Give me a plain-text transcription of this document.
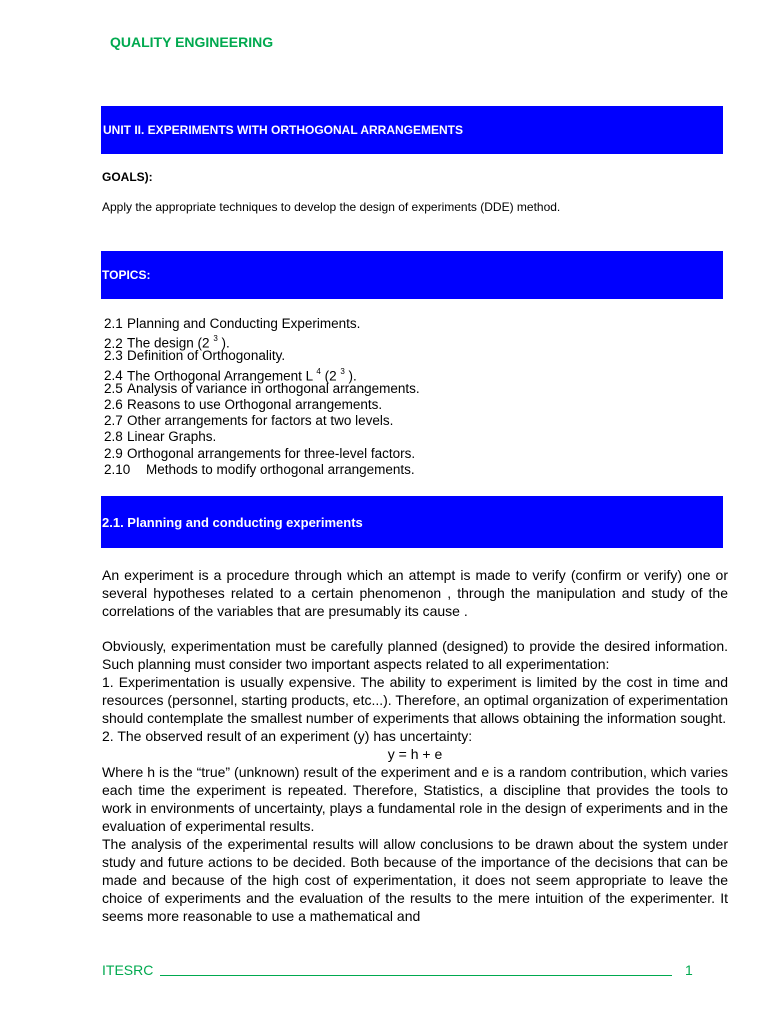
QUALITY ENGINEERING
UNIT II. EXPERIMENTS WITH ORTHOGONAL ARRANGEMENTS
GOALS):
Apply the appropriate techniques to develop the design of experiments (DDE) method.
TOPICS:
2.1 Planning and Conducting Experiments.
2.2 The design (2 $^3$ ).
2.3 Definition of Orthogonality.
2.4 The Orthogonal Arrangement L $^4$ (2 $^3$ ).
2.5 Analysis of variance in orthogonal arrangements.
2.6 Reasons to use Orthogonal arrangements.
2.7 Other arrangements for factors at two levels.
2.8 Linear Graphs.
2.9 Orthogonal arrangements for three-level factors.
2.10 Methods to modify orthogonal arrangements.
2.1. Planning and conducting experiments

An experiment is a procedure through which an attempt is made to verify (confirm or verify) one or several hypotheses related to a certain phenomenon , through the manipulation and study of the correlations of the variables that are presumably its cause .

Obviously, experimentation must be carefully planned (designed) to provide the desired information. Such planning must consider two important aspects related to all experimentation:

1. Experimentation is usually expensive. The ability to experiment is limited by the cost in time and resources (personnel, starting products, etc...). Therefore, an optimal organization of experimentation should contemplate the smallest number of experiments that allows obtaining the information sought.

2. The observed result of an experiment (y) has uncertainty:

y = h + e

Where h is the “true” (unknown) result of the experiment and e is a random contribution, which varies each time the experiment is repeated. Therefore, Statistics, a discipline that provides the tools to work in environments of uncertainty, plays a fundamental role in the design of experiments and in the evaluation of experimental results.

The analysis of the experimental results will allow conclusions to be drawn about the system under study and future actions to be decided. Both because of the importance of the decisions that can be made and because of the high cost of experimentation, it does not seem appropriate to leave the choice of experiments and the evaluation of the results to the mere intuition of the experimenter. It seems more reasonable to use a mathematical and

ITESRC	1
